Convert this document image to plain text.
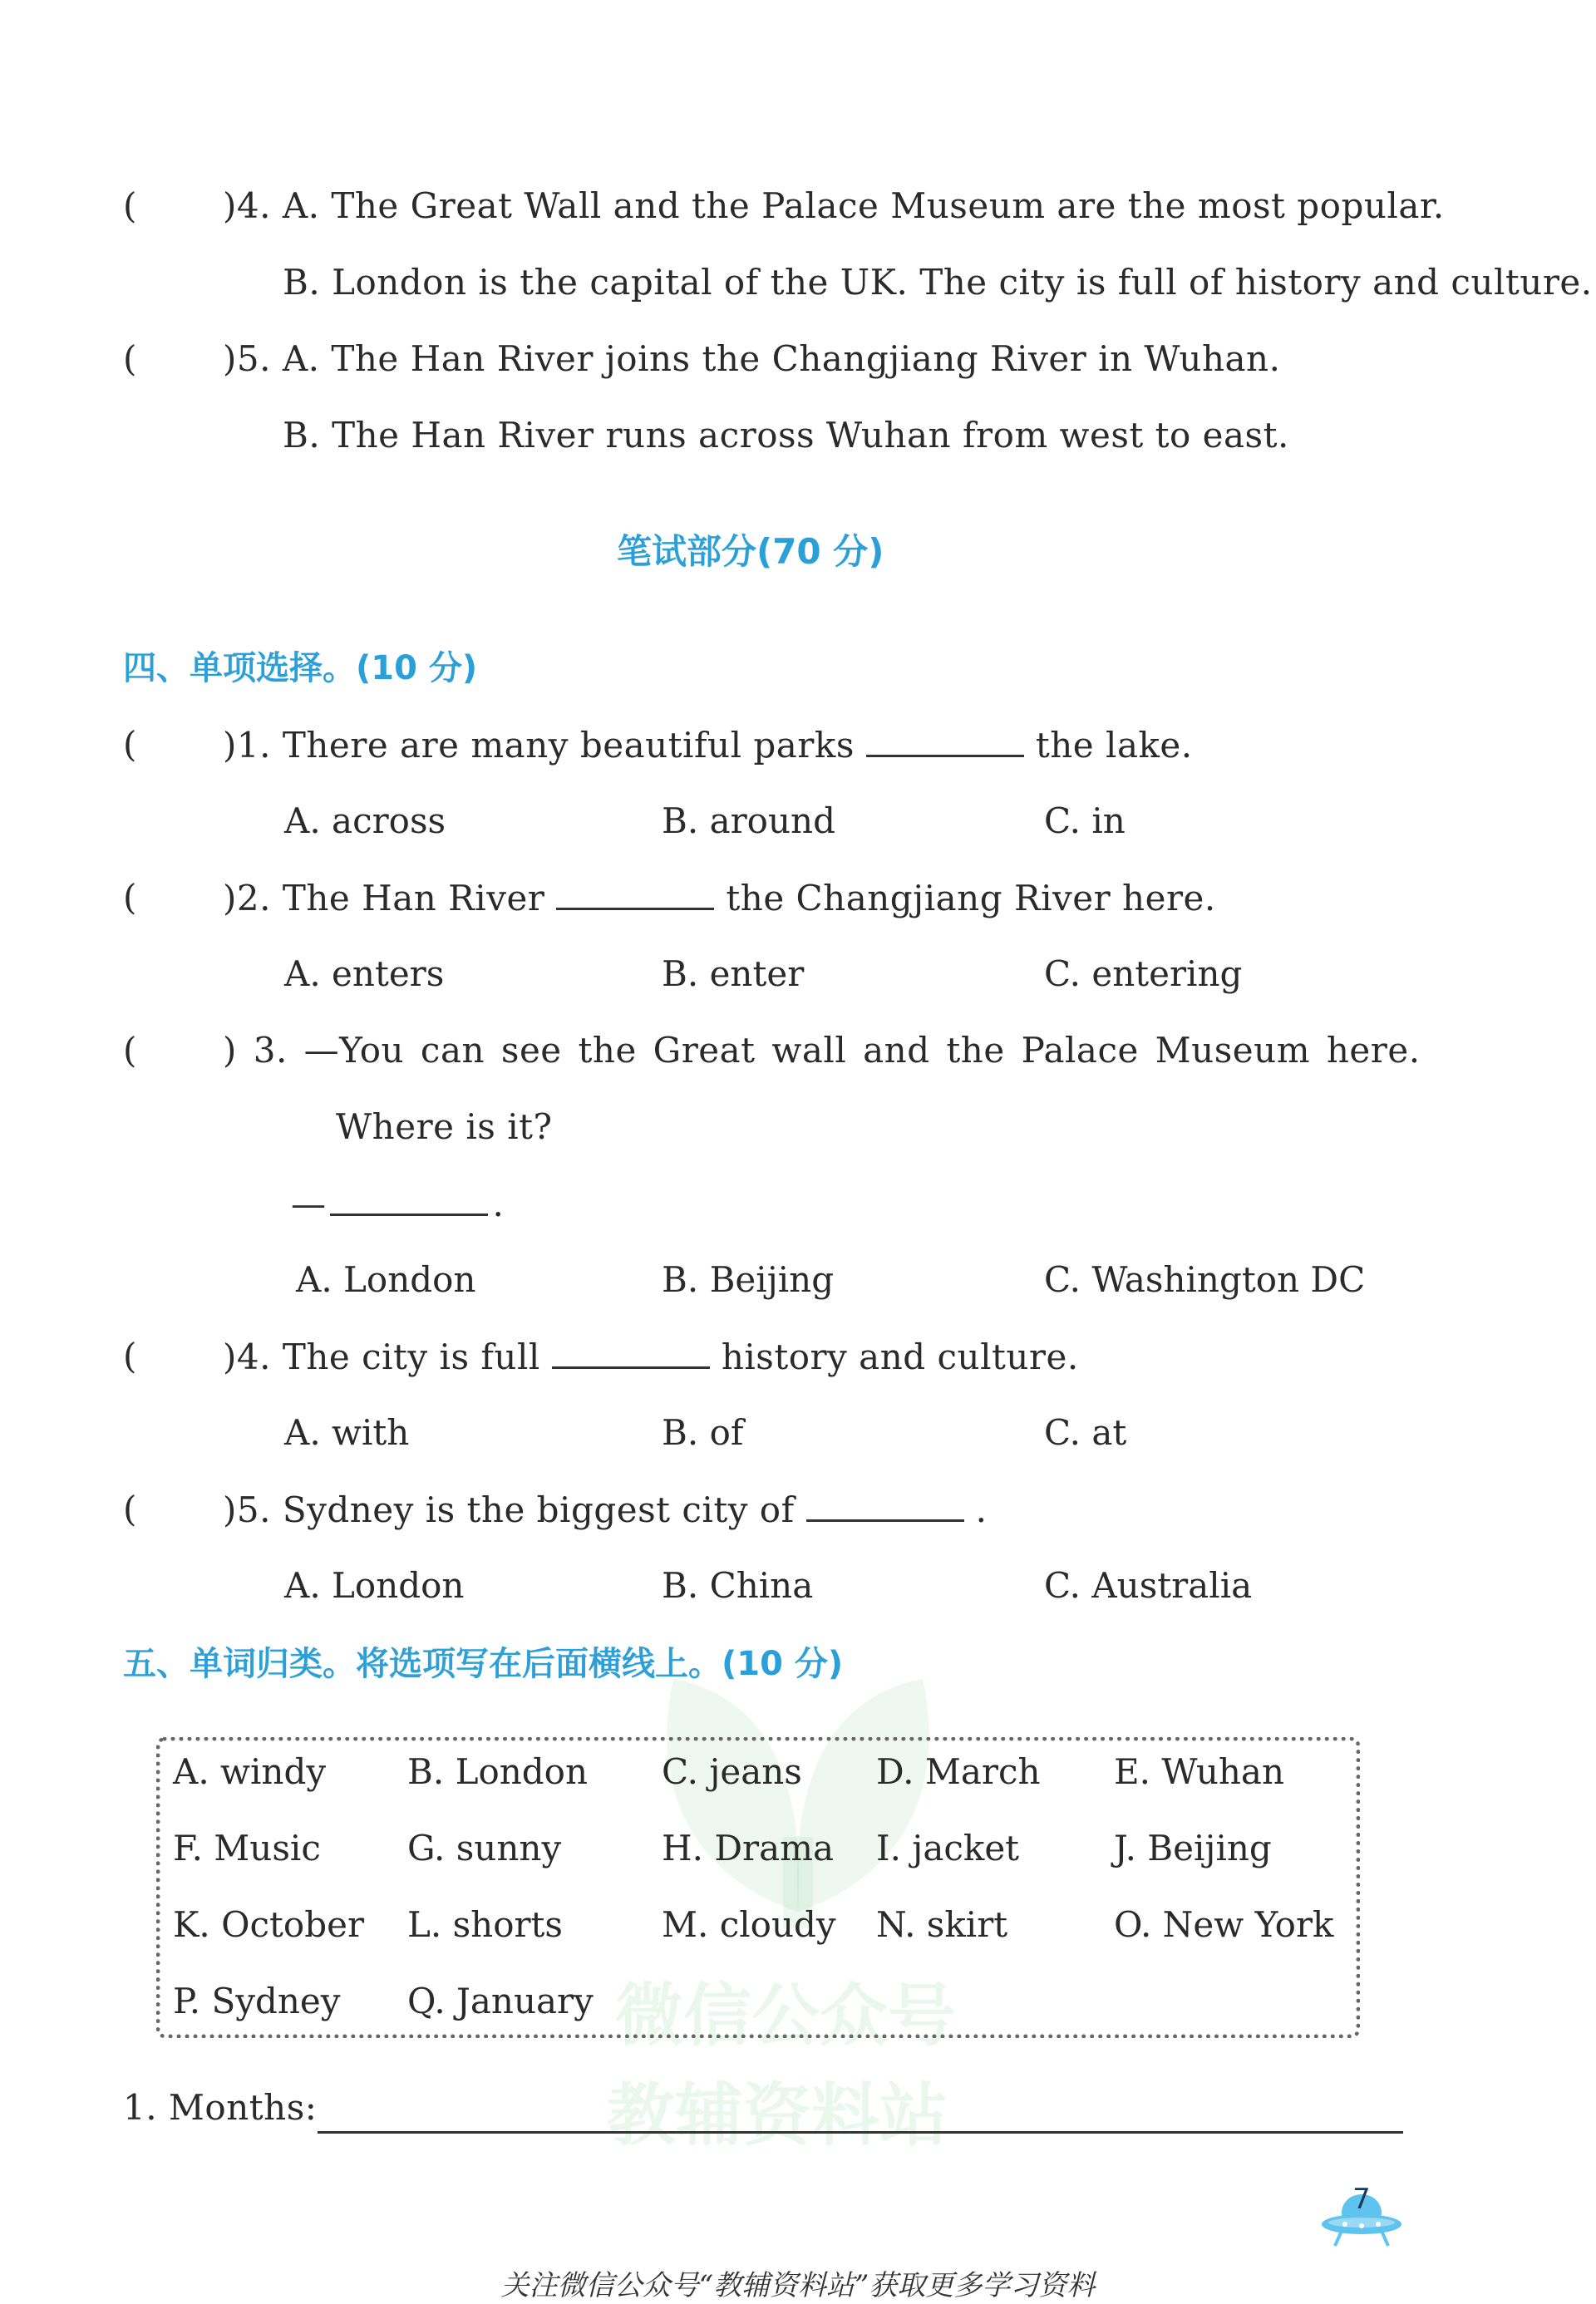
微信公众号
教辅资料站
( )4. A. The Great Wall and the Palace Museum are the most popular.
B. London is the capital of the UK. The city is full of history and culture.
( )5. A. The Han River joins the Changjiang River in Wuhan.
B. The Han River runs across Wuhan from west to east.
笔试部分(70 分)
四、单项选择。(10 分)
( )1. There are many beautiful parks	the lake.
A. across	B. around	C. in
( )2. The Han River	the Changjiang River here.
A. enters	B. enter	C. entering
( ) 3. —You can see the Great wall and the Palace Museum here.
Where is it?
—	.
A. London	B. Beijing	C. Washington DC
( )4. The city is full	history and culture.
A. with	B. of	C. at
( )5. Sydney is the biggest city of	.
A. London	B. China	C. Australia
五、单词归类。将选项写在后面横线上。(10 分)
A. windy B. London C. jeans D. March E. Wuhan
F. Music G. sunny	H. Drama I. jacket	J. Beijing
K. October L. shorts	M. cloudy N. skirt	O. New York
P. Sydney Q. January
1. Months:
7
关注微信公众号“教辅资料站”获取更多学习资料
